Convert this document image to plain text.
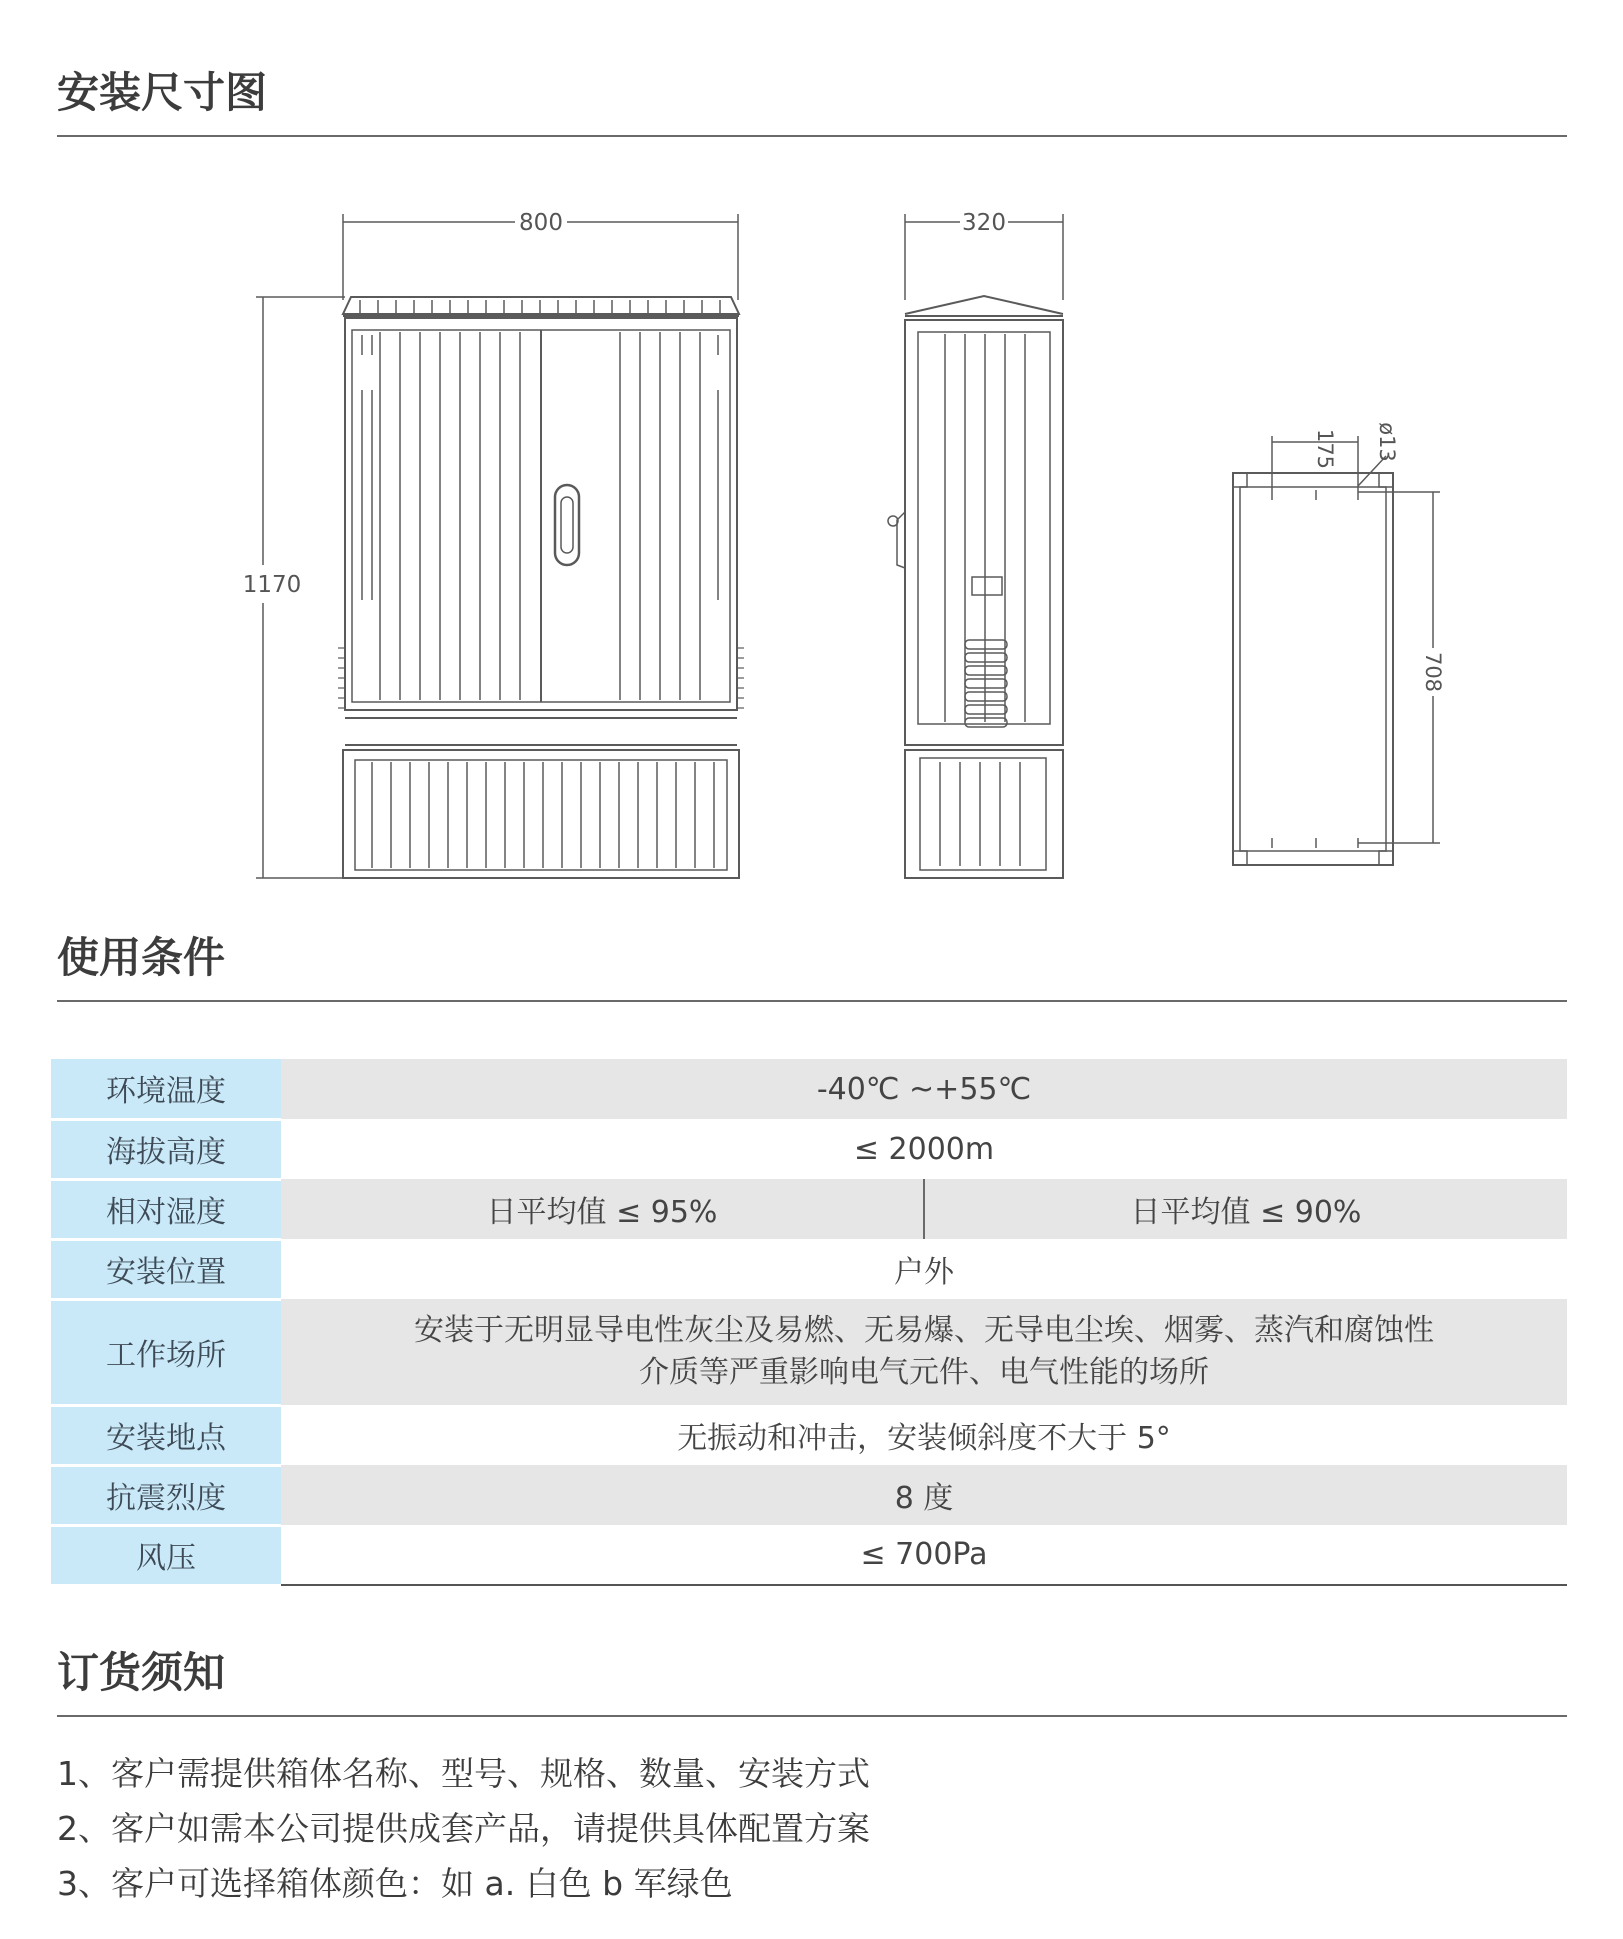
安装尺寸图
800
1170
320
175 ø13
708
使用条件
环境温度	-40℃ ~+55℃	
海拔高度	≤ 2000m	
相对湿度	日平均值 ≤ 95%	日平均值 ≤ 90%
安装位置	户外	
工作场所	安装于无明显导电性灰尘及易燃、无易爆、无导电尘埃、烟雾、蒸汽和腐蚀性
介质等严重影响电气元件、电气性能的场所	

安装地点	无振动和冲击，安装倾斜度不大于 5°	
抗震烈度	8 度	
风压	≤ 700Pa	
订货须知
1、客户需提供箱体名称、型号、规格、数量、安装方式
2、客户如需本公司提供成套产品，请提供具体配置方案
3、客户可选择箱体颜色：如 a. 白色 b 军绿色
